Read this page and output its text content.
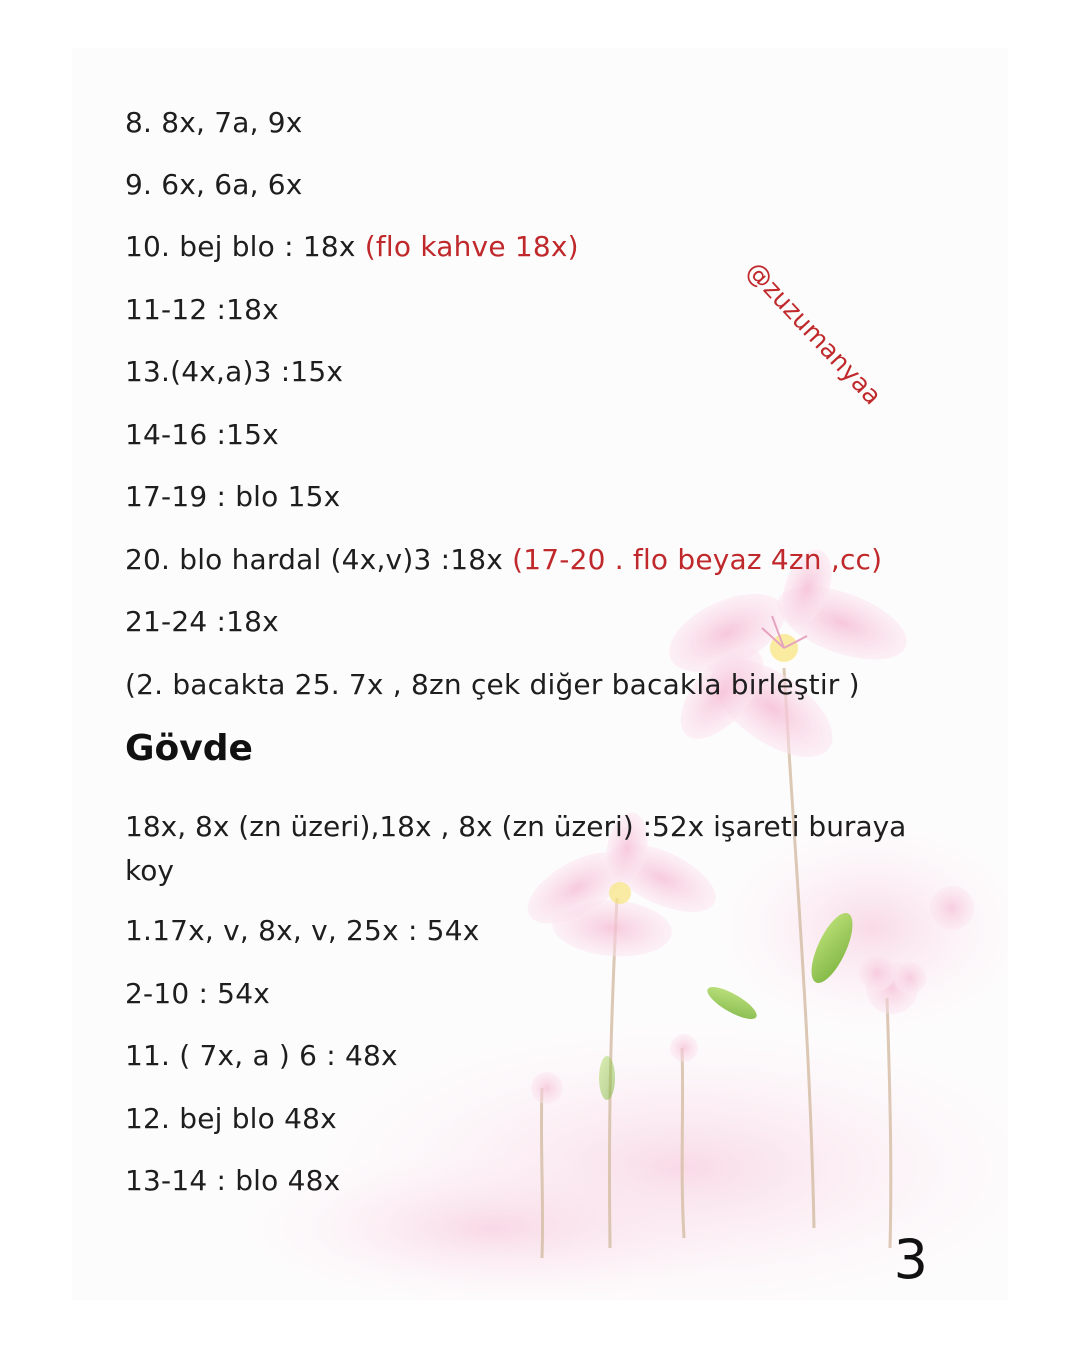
@zuzumanyaa
8. 8x, 7a, 9x
9. 6x, 6a, 6x
10. bej blo : 18x (flo kahve 18x)
11-12 :18x
13.(4x,a)3 :15x
14-16 :15x
17-19 : blo 15x
20. blo hardal (4x,v)3 :18x (17-20 . flo beyaz 4zn ,cc)
21-24 :18x
(2. bacakta 25. 7x , 8zn çek diğer bacakla birleştir )
Gövde
18x, 8x (zn üzeri),18x , 8x (zn üzeri) :52x işareti buraya koy
1.17x, v, 8x, v, 25x : 54x
2-10 : 54x
11. ( 7x, a ) 6 : 48x
12. bej blo 48x
13-14 : blo 48x
3
